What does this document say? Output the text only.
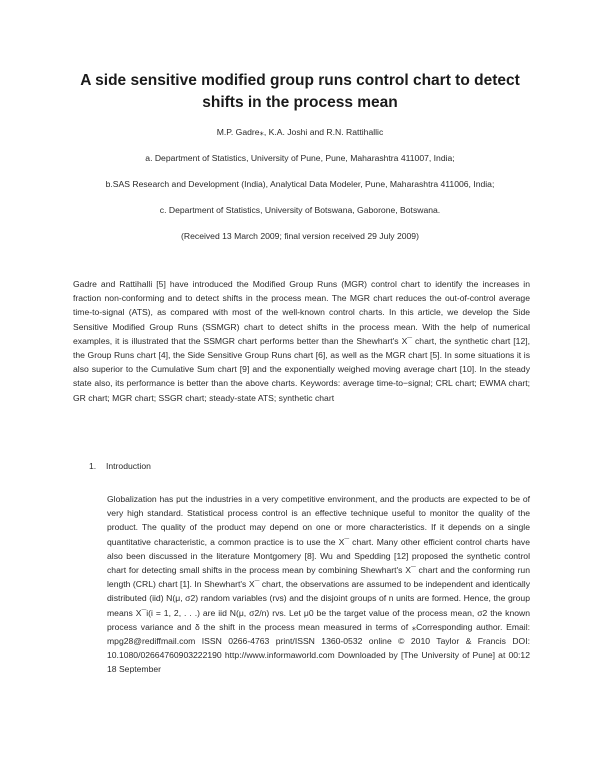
A side sensitive modified group runs control chart to detect shifts in the process mean
M.P. Gadre⁎, K.A. Joshi and R.N. Rattihallic
a. Department of Statistics, University of Pune, Pune, Maharashtra 411007, India;
b.SAS Research and Development (India), Analytical Data Modeler, Pune, Maharashtra 411006, India;
c. Department of Statistics, University of Botswana, Gaborone, Botswana.
(Received 13 March 2009; final version received 29 July 2009)
Gadre and Rattihalli [5] have introduced the Modified Group Runs (MGR) control chart to identify the increases in fraction non-conforming and to detect shifts in the process mean. The MGR chart reduces the out-of-control average time-to-signal (ATS), as compared with most of the well-known control charts. In this article, we develop the Side Sensitive Modified Group Runs (SSMGR) chart to detect shifts in the process mean. With the help of numerical examples, it is illustrated that the SSMGR chart performs better than the Shewhart's X¯ chart, the synthetic chart [12], the Group Runs chart [4], the Side Sensitive Group Runs chart [6], as well as the MGR chart [5]. In some situations it is also superior to the Cumulative Sum chart [9] and the exponentially weighed moving average chart [10]. In the steady state also, its performance is better than the above charts. Keywords: average time-to−signal; CRL chart; EWMA chart; GR chart; MGR chart; SSGR chart; steady-state ATS; synthetic chart
1. Introduction
Globalization has put the industries in a very competitive environment, and the products are expected to be of very high standard. Statistical process control is an effective technique useful to monitor the quality of the product. The quality of the product may depend on one or more characteristics. If it depends on a single quantitative characteristic, a common practice is to use the X¯ chart. Many other efficient control charts have also been discussed in the literature Montgomery [8]. Wu and Spedding [12] proposed the synthetic control chart for detecting small shifts in the process mean by combining Shewhart's X¯ chart and the conforming run length (CRL) chart [1]. In Shewhart's X¯ chart, the observations are assumed to be independent and identically distributed (iid) N(μ, σ2) random variables (rvs) and the disjoint groups of n units are formed. Hence, the group means X¯i(i = 1, 2, . . .) are iid N(μ, σ2/n) rvs. Let μ0 be the target value of the process mean, σ2 the known process variance and δ the shift in the process mean measured in terms of ⁎Corresponding author. Email: mpg28@rediffmail.com ISSN 0266-4763 print/ISSN 1360-0532 online © 2010 Taylor & Francis DOI: 10.1080/02664760903222190 http://www.informaworld.com Downloaded by [The University of Pune] at 00:12 18 September
